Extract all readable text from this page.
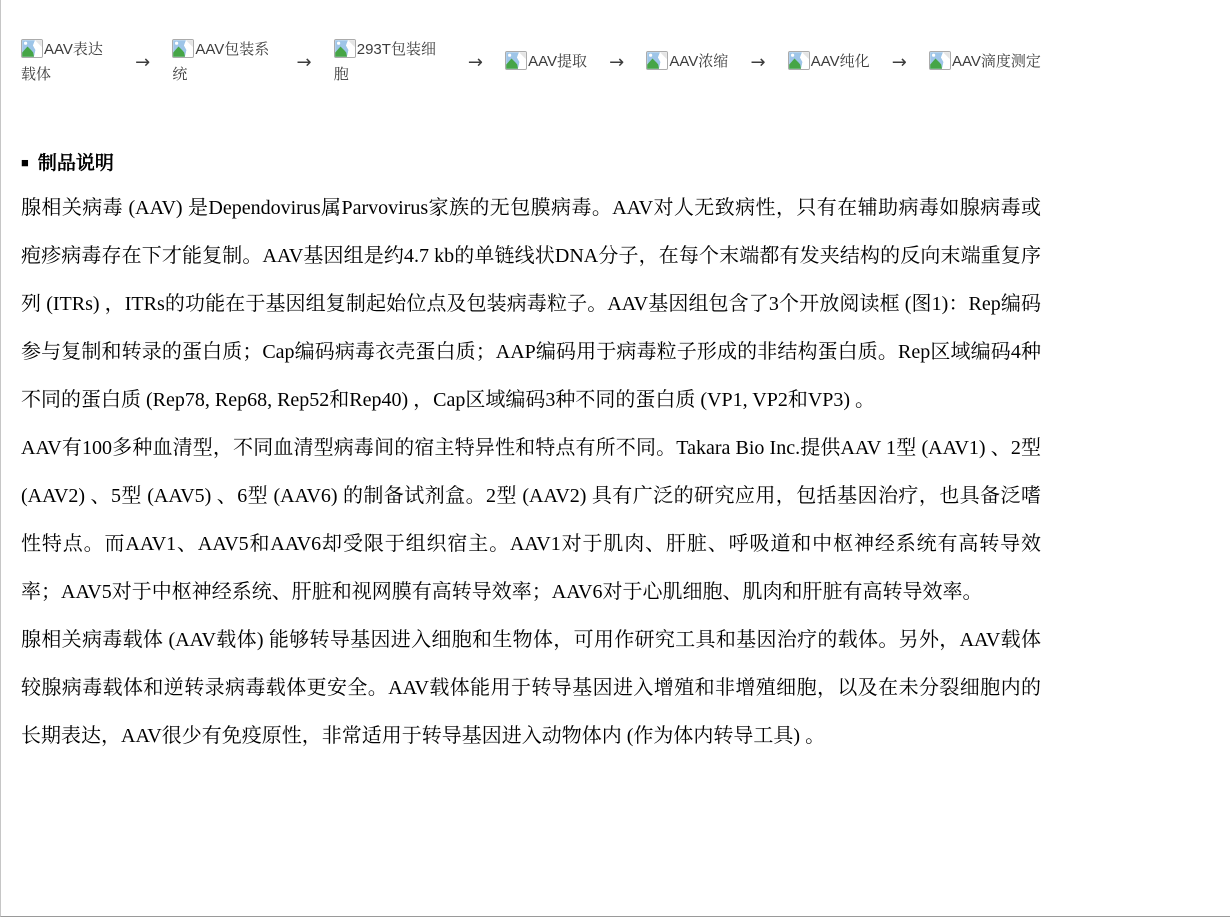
AAV表达载体
→
AAV包装系统
→
293T包装细胞
→	AAV提取 →	AAV浓缩 →	AAV纯化 →	AAV滴度测定
■ 制品说明

腺相关病毒 (AAV) 是Dependovirus属Parvovirus家族的无包膜病毒。AAV对人无致病性，只有在辅助病毒如腺病毒或疱疹病毒存在下才能复制。AAV基因组是约4.7 kb的单链线状DNA分子，在每个末端都有发夹结构的反向末端重复序列 (ITRs) ，ITRs的功能在于基因组复制起始位点及包装病毒粒子。AAV基因组包含了3个开放阅读框 (图1)：Rep编码参与复制和转录的蛋白质；Cap编码病毒衣壳蛋白质；AAP编码用于病毒粒子形成的非结构蛋白质。Rep区域编码4种不同的蛋白质 (Rep78, Rep68, Rep52和Rep40) ，Cap区域编码3种不同的蛋白质 (VP1, VP2和VP3) 。

AAV有100多种血清型，不同血清型病毒间的宿主特异性和特点有所不同。Takara Bio Inc.提供AAV 1型 (AAV1) 、2型 (AAV2) 、5型 (AAV5) 、6型 (AAV6) 的制备试剂盒。2型 (AAV2) 具有广泛的研究应用，包括基因治疗，也具备泛嗜性特点。而AAV1、AAV5和AAV6却受限于组织宿主。AAV1对于肌肉、肝脏、呼吸道和中枢神经系统有高转导效率；AAV5对于中枢神经系统、肝脏和视网膜有高转导效率；AAV6对于心肌细胞、肌肉和肝脏有高转导效率。

腺相关病毒载体 (AAV载体) 能够转导基因进入细胞和生物体，可用作研究工具和基因治疗的载体。另外，AAV载体较腺病毒载体和逆转录病毒载体更安全。AAV载体能用于转导基因进入增殖和非增殖细胞，以及在未分裂细胞内的长期表达，AAV很少有免疫原性，非常适用于转导基因进入动物体内 (作为体内转导工具) 。
